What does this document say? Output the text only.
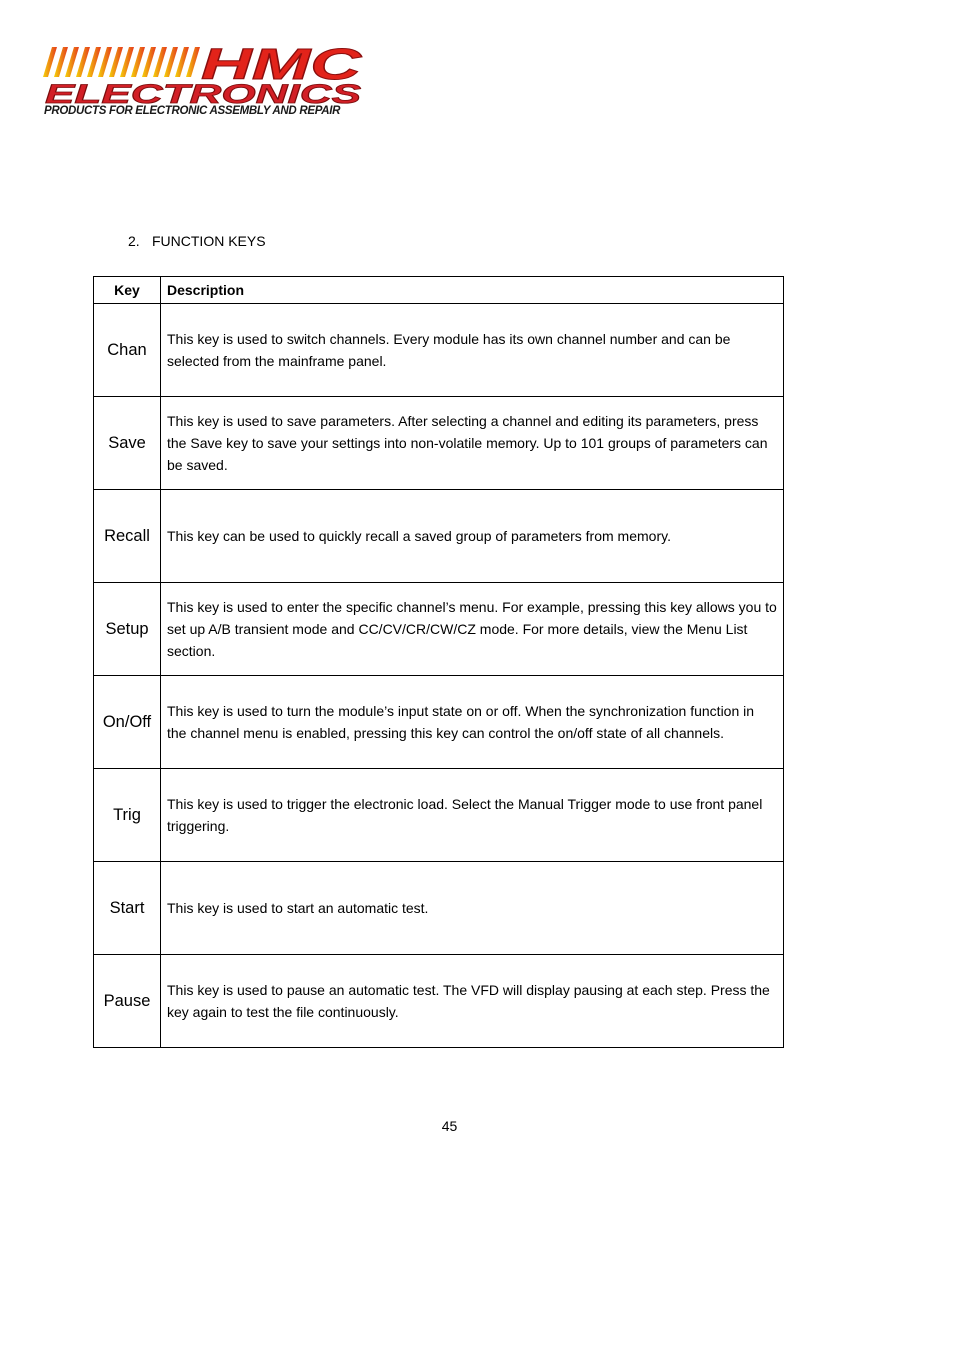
HMC
ELECTRONICS
PRODUCTS FOR ELECTRONIC ASSEMBLY AND REPAIR
2. FUNCTION KEYS
Key	Description
Chan	This key is used to switch channels. Every module has its own channel number and can be selected from the mainframe panel.
Save	This key is used to save parameters. After selecting a channel and editing its parameters, press the Save key to save your settings into non-volatile memory. Up to 101 groups of parameters can be saved.
Recall	This key can be used to quickly recall a saved group of parameters from memory.
Setup	This key is used to enter the specific channel’s menu. For example, pressing this key allows you to set up A/B transient mode and CC/CV/CR/CW/CZ mode. For more details, view the Menu List section.
On/Off	This key is used to turn the module’s input state on or off. When the synchronization function in the channel menu is enabled, pressing this key can control the on/off state of all channels.
Trig	This key is used to trigger the electronic load. Select the Manual Trigger mode to use front panel triggering.
Start	This key is used to start an automatic test.
Pause	This key is used to pause an automatic test. The VFD will display pausing at each step. Press the key again to test the file continuously.
45
